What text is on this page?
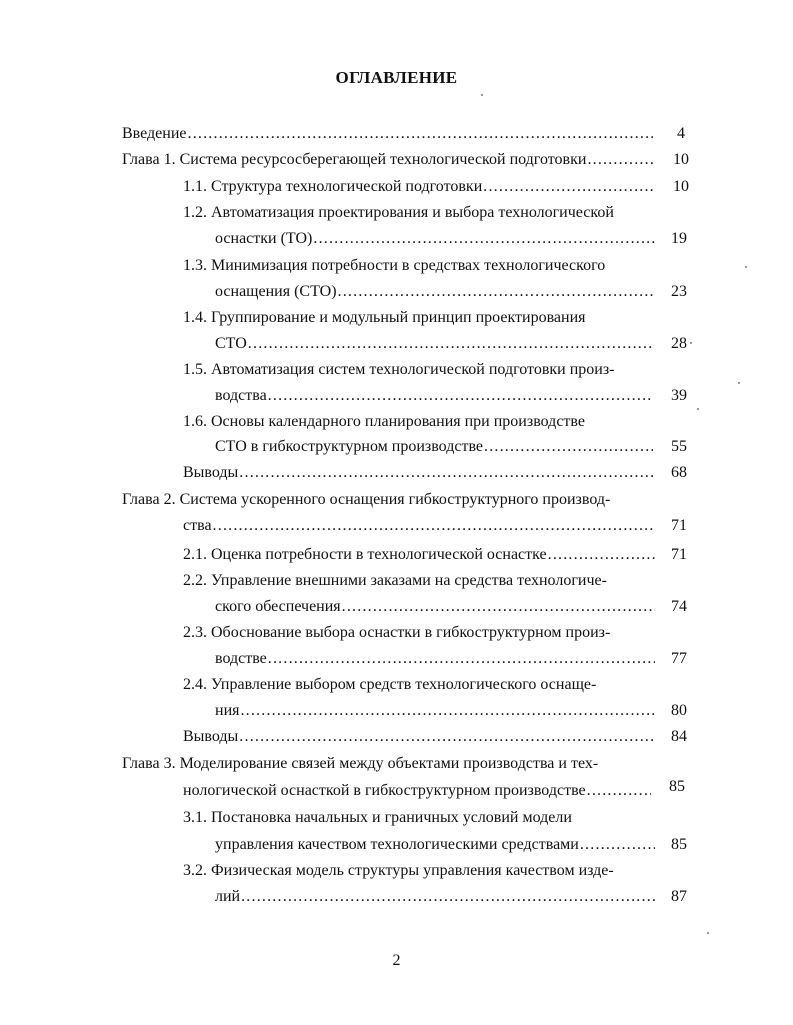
ОГЛАВЛЕНИЕ
Введение .....	4
Глава 1. Система ресурсосберегающей технологической подготовки .....	10
1.1. Структура технологической подготовки .....	10
1.2. Автоматизация проектирования и выбора технологической
оснастки (ТО) .....	19
1.3. Минимизация потребности в средствах технологического
оснащения (СТО) .....	23
1.4. Группирование и модульный принцип проектирования
СТО .....	28
1.5. Автоматизация систем технологической подготовки произ-
водства .....	39
1.6. Основы календарного планирования при производстве
СТО в гибкоструктурном производстве .....	55
Выводы .....	68
Глава 2. Система ускоренного оснащения гибкоструктурного производ-
ства .....	71
2.1. Оценка потребности в технологической оснастке .....	71
2.2. Управление внешними заказами на средства технологиче-
ского обеспечения .....	74
2.3. Обоснование выбора оснастки в гибкоструктурном произ-
водстве .....	77
2.4. Управление выбором средств технологического оснаще-
ния .....	80
Выводы .....	84
Глава 3. Моделирование связей между объектами производства и тех-
нологической оснасткой в гибкоструктурном производстве .....	85
3.1. Постановка начальных и граничных условий модели
управления качеством технологическими средствами .....	85
3.2. Физическая модель структуры управления качеством изде-
лий .....	87
2
